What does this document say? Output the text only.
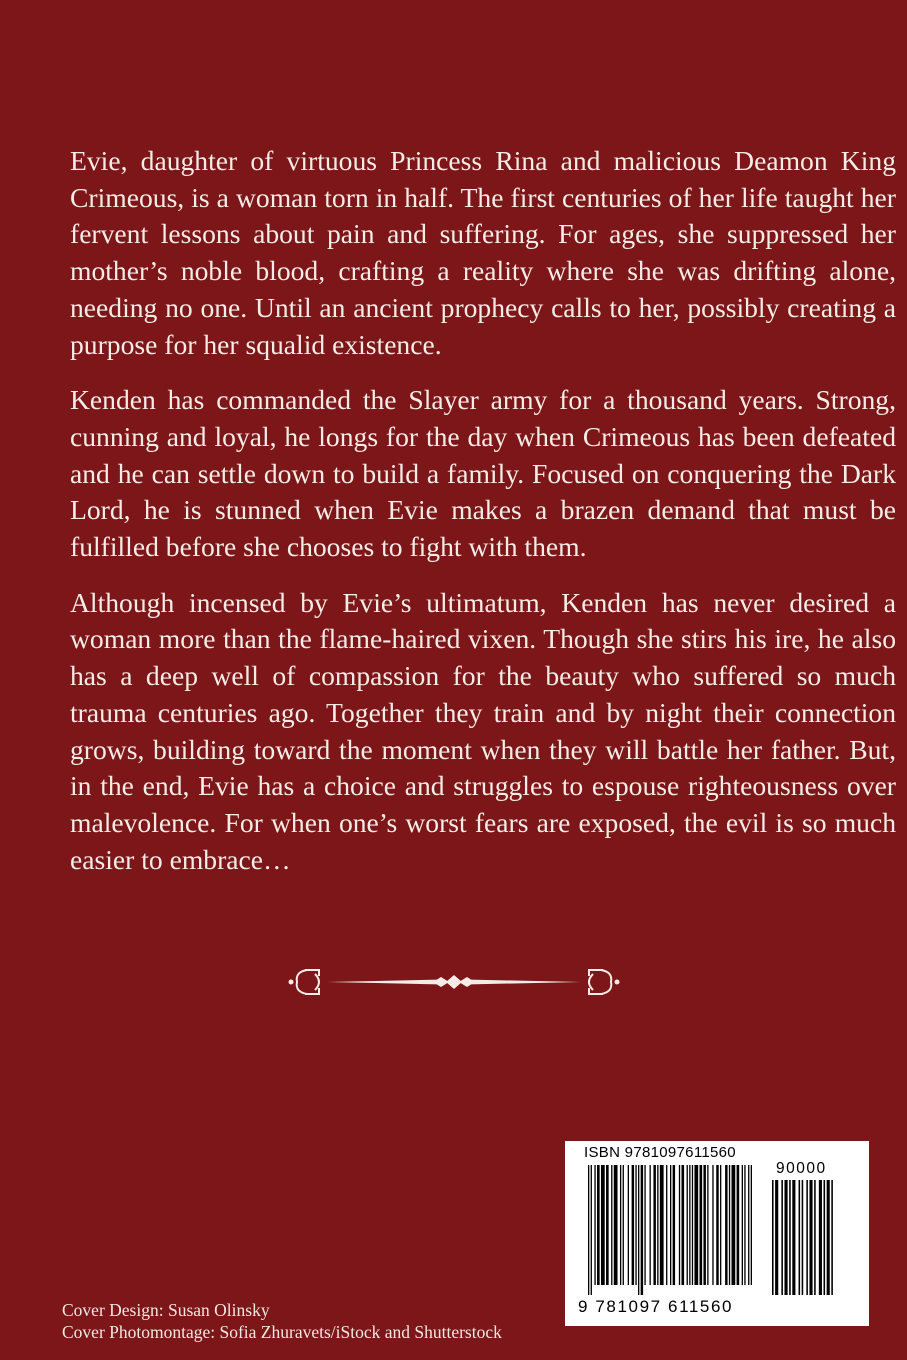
Evie, daughter of virtuous Princess Rina and malicious Deamon King Crimeous, is a woman torn in half. The first centuries of her life taught her fervent lessons about pain and suffering. For ages, she suppressed her mother’s noble blood, crafting a reality where she was drifting alone, needing no one. Until an ancient prophecy calls to her, possibly creating a purpose for her squalid existence.

Kenden has commanded the Slayer army for a thousand years. Strong, cunning and loyal, he longs for the day when Crimeous has been defeated and he can settle down to build a family. Focused on conquering the Dark Lord, he is stunned when Evie makes a brazen demand that must be fulfilled before she chooses to fight with them.

Although incensed by Evie’s ultimatum, Kenden has never desired a woman more than the flame-haired vixen. Though she stirs his ire, he also has a deep well of compassion for the beauty who suffered so much trauma centuries ago. Together they train and by night their connection grows, building toward the moment when they will battle her father. But, in the end, Evie has a choice and struggles to espouse righteousness over malevolence. For when one’s worst fears are exposed, the evil is so much easier to embrace…

Cover Design: Susan Olinsky
Cover Photomontage: Sofia Zhuravets/iStock and Shutterstock
ISBN 9781097611560
90000
9 781097 611560
